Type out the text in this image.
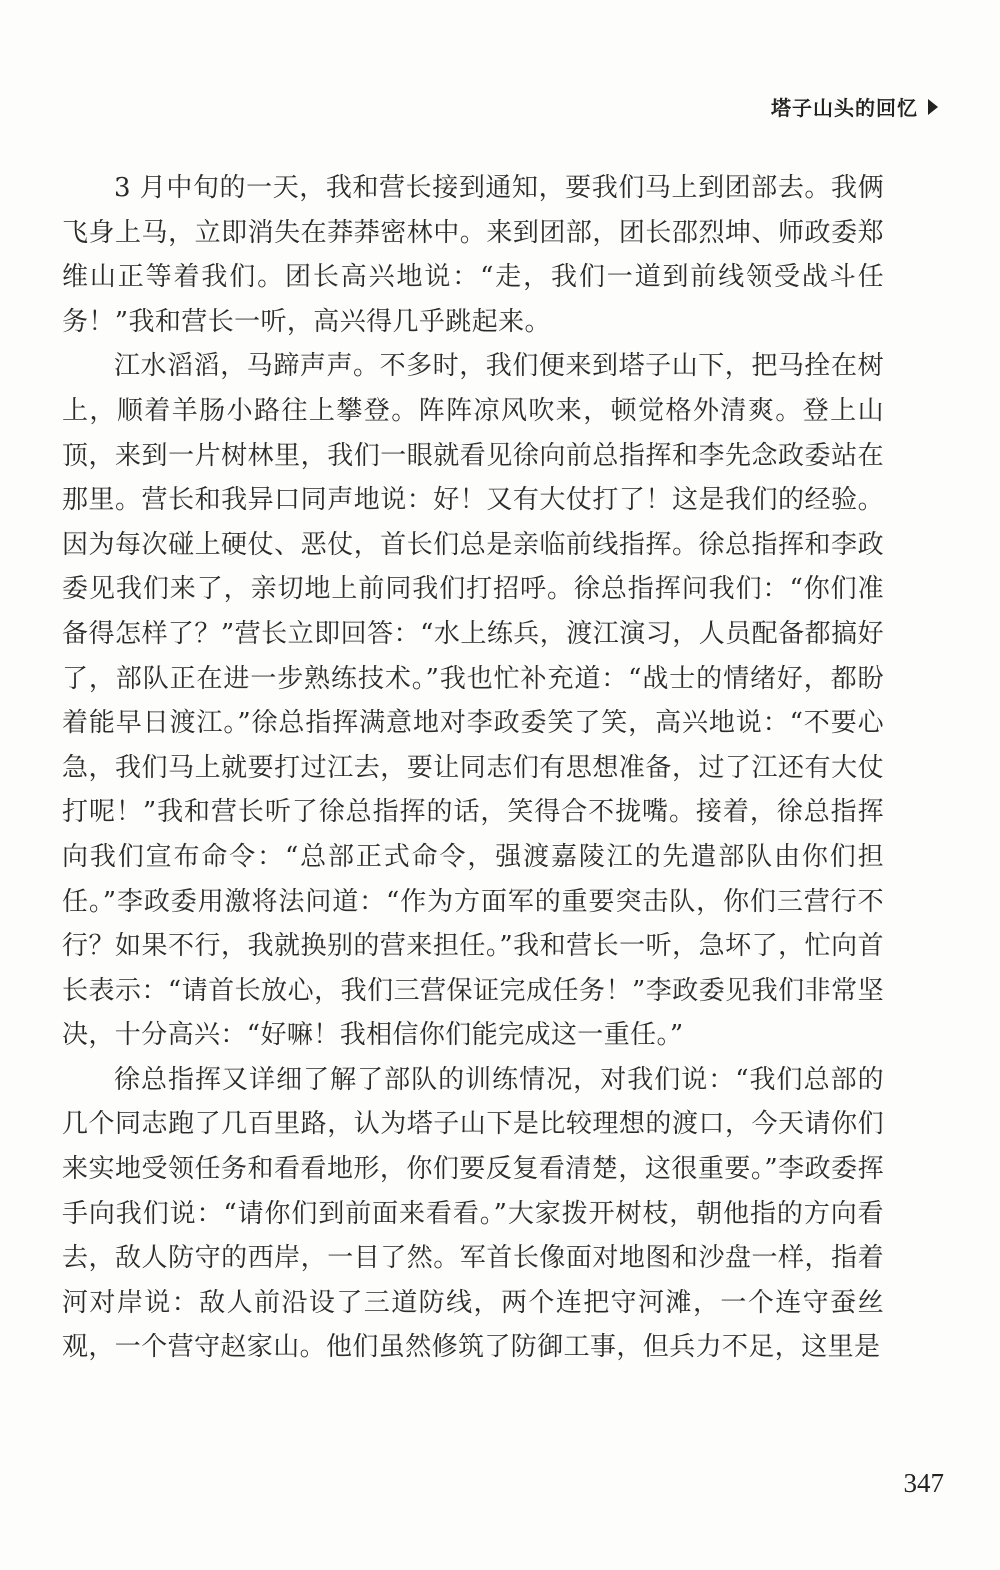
塔子山头的回忆

3 月中旬的一天，我和营长接到通知，要我们马上到团部去。我俩飞身上马，立即消失在莽莽密林中。来到团部，团长邵烈坤、师政委郑维山正等着我们。团长高兴地说：“走，我们一道到前线领受战斗任务！”我和营长一听，高兴得几乎跳起来。

江水滔滔，马蹄声声。不多时，我们便来到塔子山下，把马拴在树上，顺着羊肠小路往上攀登。阵阵凉风吹来，顿觉格外清爽。登上山顶，来到一片树林里，我们一眼就看见徐向前总指挥和李先念政委站在那里。营长和我异口同声地说：好！又有大仗打了！这是我们的经验。因为每次碰上硬仗、恶仗，首长们总是亲临前线指挥。徐总指挥和李政委见我们来了，亲切地上前同我们打招呼。徐总指挥问我们：“你们准备得怎样了？”营长立即回答：“水上练兵，渡江演习，人员配备都搞好了，部队正在进一步熟练技术。”我也忙补充道：“战士的情绪好，都盼着能早日渡江。”徐总指挥满意地对李政委笑了笑，高兴地说：“不要心急，我们马上就要打过江去，要让同志们有思想准备，过了江还有大仗打呢！”我和营长听了徐总指挥的话，笑得合不拢嘴。接着，徐总指挥向我们宣布命令：“总部正式命令，强渡嘉陵江的先遣部队由你们担任。”李政委用激将法问道：“作为方面军的重要突击队，你们三营行不行？如果不行，我就换别的营来担任。”我和营长一听，急坏了，忙向首长表示：“请首长放心，我们三营保证完成任务！”李政委见我们非常坚决，十分高兴：“好嘛！我相信你们能完成这一重任。”

徐总指挥又详细了解了部队的训练情况，对我们说：“我们总部的几个同志跑了几百里路，认为塔子山下是比较理想的渡口，今天请你们来实地受领任务和看看地形，你们要反复看清楚，这很重要。”李政委挥手向我们说：“请你们到前面来看看。”大家拨开树枝，朝他指的方向看去，敌人防守的西岸，一目了然。军首长像面对地图和沙盘一样，指着河对岸说：敌人前沿设了三道防线，两个连把守河滩，一个连守蚕丝观，一个营守赵家山。他们虽然修筑了防御工事，但兵力不足，这里是

347
